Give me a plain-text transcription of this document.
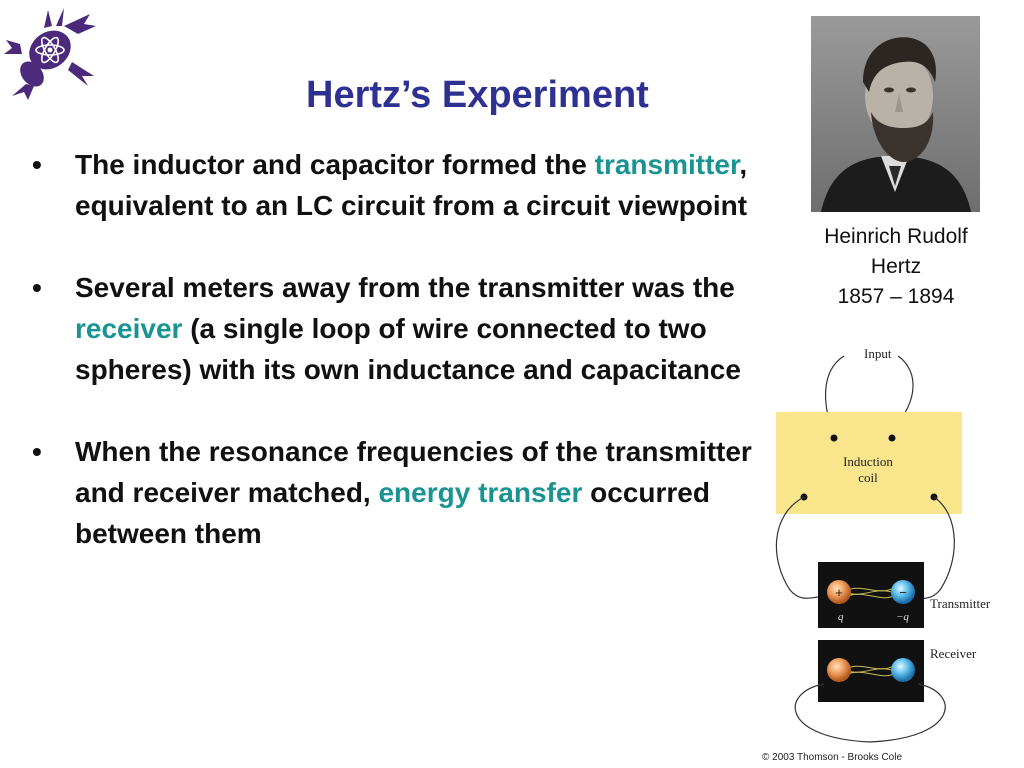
Hertz’s Experiment
• The inductor and capacitor formed the transmitter, equivalent to an LC circuit from a circuit viewpoint
• Several meters away from the transmitter was the receiver (a single loop of wire connected to two spheres) with its own inductance and capacitance
• When the resonance frequencies of the transmitter and receiver matched, energy transfer occurred between them
Heinrich Rudolf
Hertz
1857 – 1894
Input
Induction
coil
+	−
q	−q
Transmitter
Receiver
© 2003 Thomson - Brooks Cole
